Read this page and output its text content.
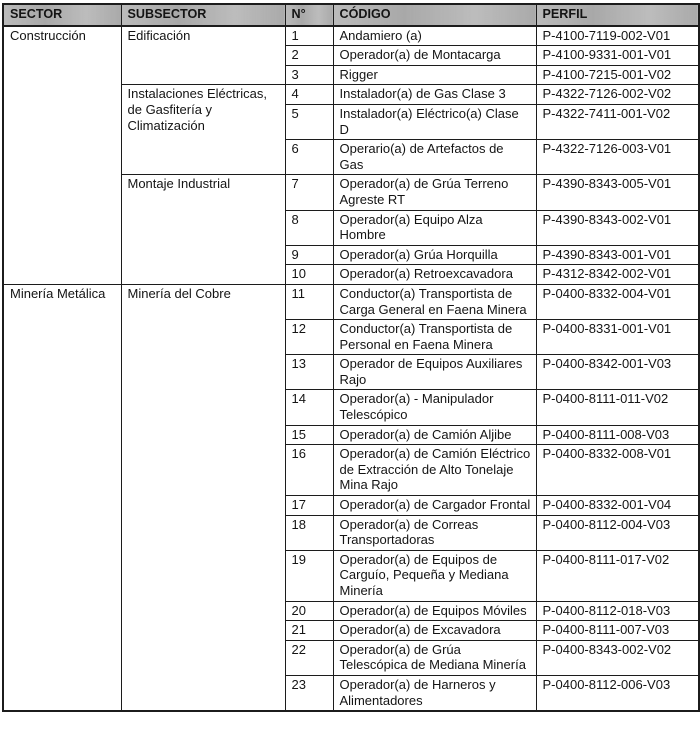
SECTOR	SUBSECTOR	N°	CÓDIGO	PERFIL
Construcción	Edificación	1	Andamiero (a)	P-4100-7119-002-V01
		2	Operador(a) de Montacarga	P-4100-9331-001-V01
		3	Rigger	P-4100-7215-001-V02
	Instalaciones Eléctricas, de Gasfitería y Climatización	4	Instalador(a) de Gas Clase 3	P-4322-7126-002-V02
		5	Instalador(a) Eléctrico(a) Clase D	P-4322-7411-001-V02
		6	Operario(a) de Artefactos de Gas	P-4322-7126-003-V01
	Montaje Industrial	7	Operador(a) de Grúa Terreno Agreste RT	P-4390-8343-005-V01
		8	Operador(a) Equipo Alza Hombre	P-4390-8343-002-V01
		9	Operador(a) Grúa Horquilla	P-4390-8343-001-V01
		10	Operador(a) Retroexcavadora	P-4312-8342-002-V01
Minería Metálica	Minería del Cobre	11	Conductor(a) Transportista de Carga General en Faena Minera	P-0400-8332-004-V01
		12	Conductor(a) Transportista de Personal en Faena Minera	P-0400-8331-001-V01
		13	Operador de Equipos Auxiliares Rajo	P-0400-8342-001-V03
		14	Operador(a) - Manipulador Telescópico	P-0400-8111-011-V02
		15	Operador(a) de Camión Aljibe	P-0400-8111-008-V03
		16	Operador(a) de Camión Eléctrico de Extracción de Alto Tonelaje Mina Rajo	P-0400-8332-008-V01
		17	Operador(a) de Cargador Frontal	P-0400-8332-001-V04
		18	Operador(a) de Correas Transportadoras	P-0400-8112-004-V03
		19	Operador(a) de Equipos de Carguío, Pequeña y Mediana Minería	P-0400-8111-017-V02
		20	Operador(a) de Equipos Móviles	P-0400-8112-018-V03
		21	Operador(a) de Excavadora	P-0400-8111-007-V03
		22	Operador(a) de Grúa Telescópica de Mediana Minería	P-0400-8343-002-V02
		23	Operador(a) de Harneros y Alimentadores	P-0400-8112-006-V03
